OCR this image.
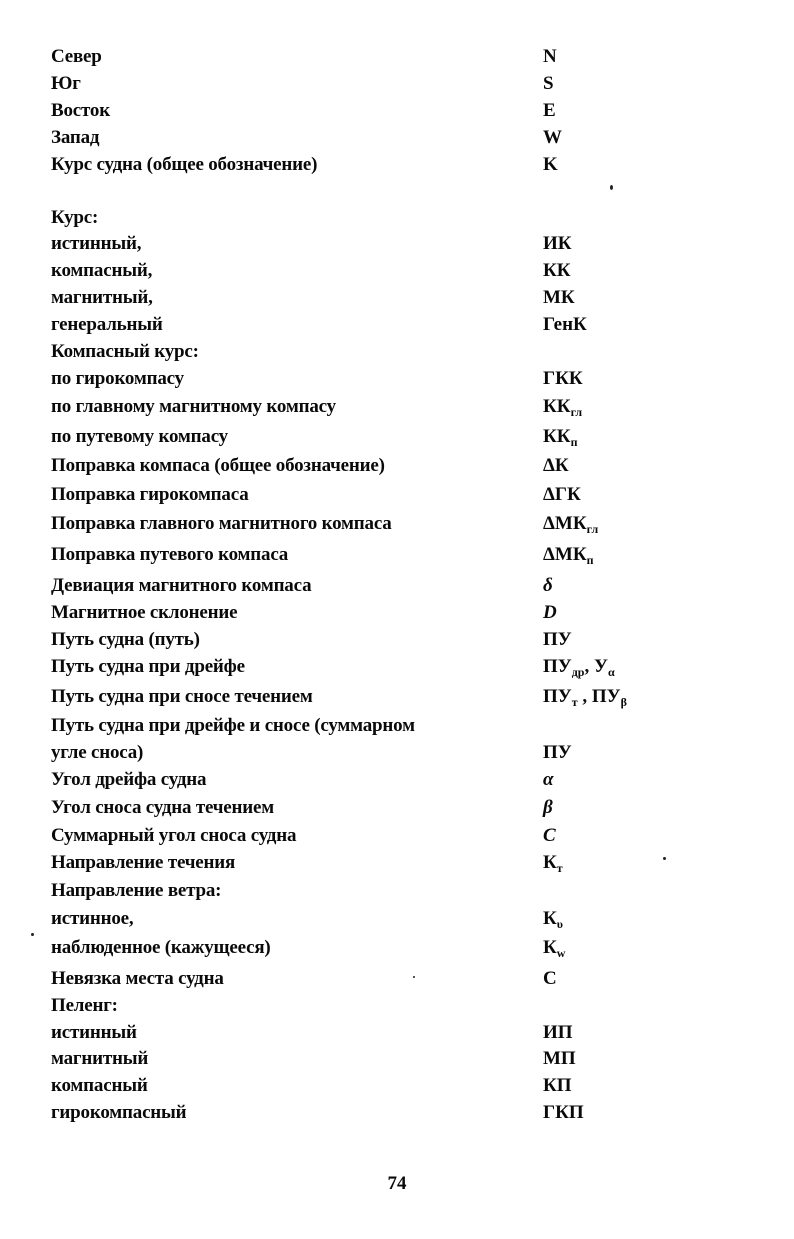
Север	N
Юг	S
Восток	E
Запад	W
Курс судна (общее обозначение)	K
Курс:
истинный,	ИК
компасный,	КК
магнитный,	МК
генеральный	ГенК
Компасный курс:
по гирокомпасу	ГКК
по главному магнитному компасу	$КК_{гл}$
по путевому компасу	$КК_п$
Поправка компаса (общее обозначение)	ΔК
Поправка гирокомпаса	ΔГК
Поправка главного магнитного компаса	$\Delta МК_{гл}$
Поправка путевого компаса	$\Delta МК_п$
Девиация магнитного компаса	δ
Магнитное склонение	D
Путь судна (путь)	ПУ
Путь судна при дрейфе	$ПУ_{др}$, $У_\alpha$
Путь судна при сносе течением	$ПУ_т$ , $ПУ_\beta$
Путь судна при дрейфе и сносе (суммарном
угле сноса)	ПУ
Угол дрейфа судна	α
Угол сноса судна течением	β
Суммарный угол сноса судна	C
Направление течения	$К_т$
Направление ветра:
истинное,	$К_\upsilon$
наблюденное (кажущееся)	$К_w$
Невязка места судна	С
Пеленг:
истинный	ИП
магнитный	МП
компасный	КП
гирокомпасный	ГКП
74
